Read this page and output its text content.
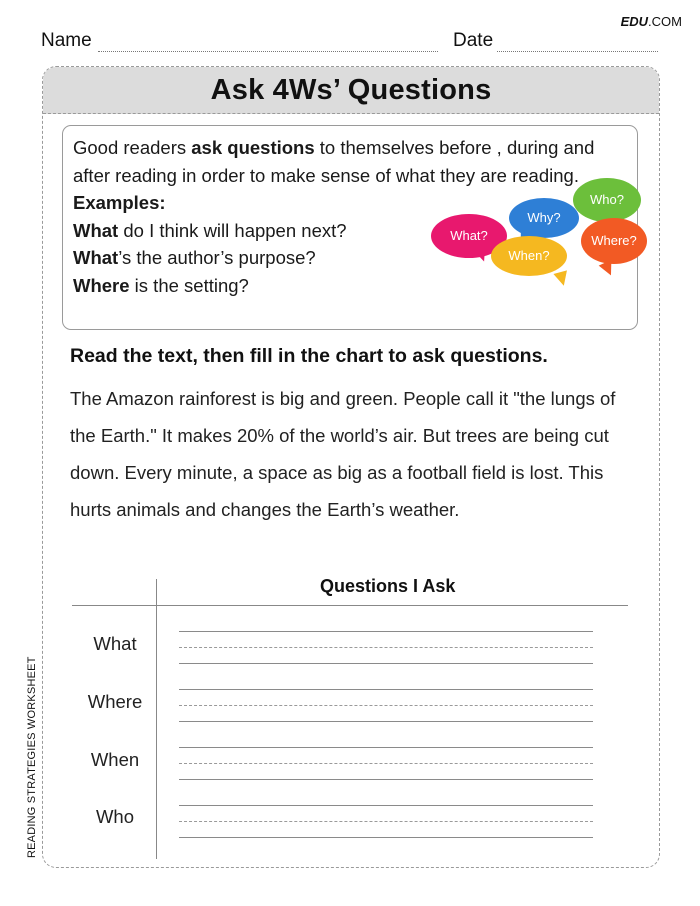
EDU.COM
Name	Date
Ask 4Ws’ Questions

Good readers ask questions to themselves before , during and after reading in order to make sense of what they are reading.

Examples:

What do I think will happen next?

What’s the author’s purpose?

Where is the setting?

What?
Why?
Who?
When?
Where?
Read the text, then fill in the chart to ask questions.

The Amazon rainforest is big and green. People call it "the lungs of the Earth." It makes 20% of the world’s air. But trees are being cut down. Every minute, a space as big as a football field is lost. This hurts animals and changes the Earth’s weather.

Questions I Ask
What
Where
When
Who
READING STRATEGIES WORKSHEET
